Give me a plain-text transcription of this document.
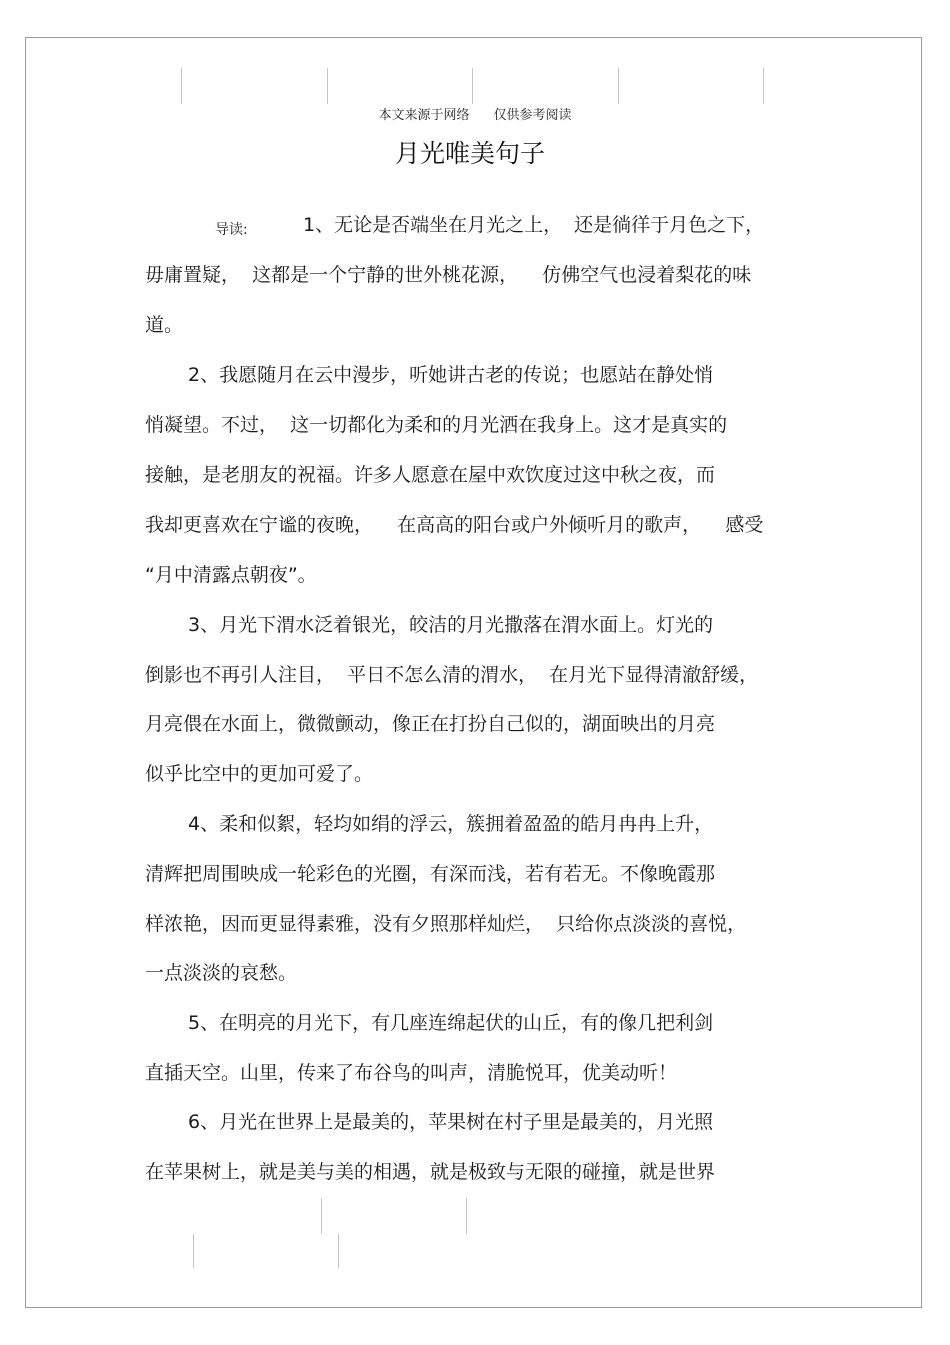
本文来源于网络 仅供参考阅读
月光唯美句子
导读:	1、无论是否端坐在月光之上，  还是徜徉于月色之下，
毋庸置疑，  这都是一个宁静的世外桃花源，    仿佛空气也浸着梨花的味
道。
2、我愿随月在云中漫步，听她讲古老的传说；也愿站在静处悄
悄凝望。不过，  这一切都化为柔和的月光洒在我身上。这才是真实的
接触，是老朋友的祝福。许多人愿意在屋中欢饮度过这中秋之夜，而
我却更喜欢在宁谧的夜晚，    在高高的阳台或户外倾听月的歌声，    感受
“月中清露点朝夜”。
3、月光下渭水泛着银光，皎洁的月光撒落在渭水面上。灯光的
倒影也不再引人注目，  平日不怎么清的渭水，  在月光下显得清澈舒缓，
月亮偎在水面上，微微颤动，像正在打扮自己似的，湖面映出的月亮
似乎比空中的更加可爱了。
4、柔和似絮，轻均如绢的浮云，簇拥着盈盈的皓月冉冉上升，
清辉把周围映成一轮彩色的光圈，有深而浅，若有若无。不像晚霞那
样浓艳，因而更显得素雅，没有夕照那样灿烂，  只给你点淡淡的喜悦，
一点淡淡的哀愁。
5、在明亮的月光下，有几座连绵起伏的山丘，有的像几把利剑
直插天空。山里，传来了布谷鸟的叫声，清脆悦耳，优美动听！
6、月光在世界上是最美的，苹果树在村子里是最美的，月光照
在苹果树上，就是美与美的相遇，就是极致与无限的碰撞，就是世界
